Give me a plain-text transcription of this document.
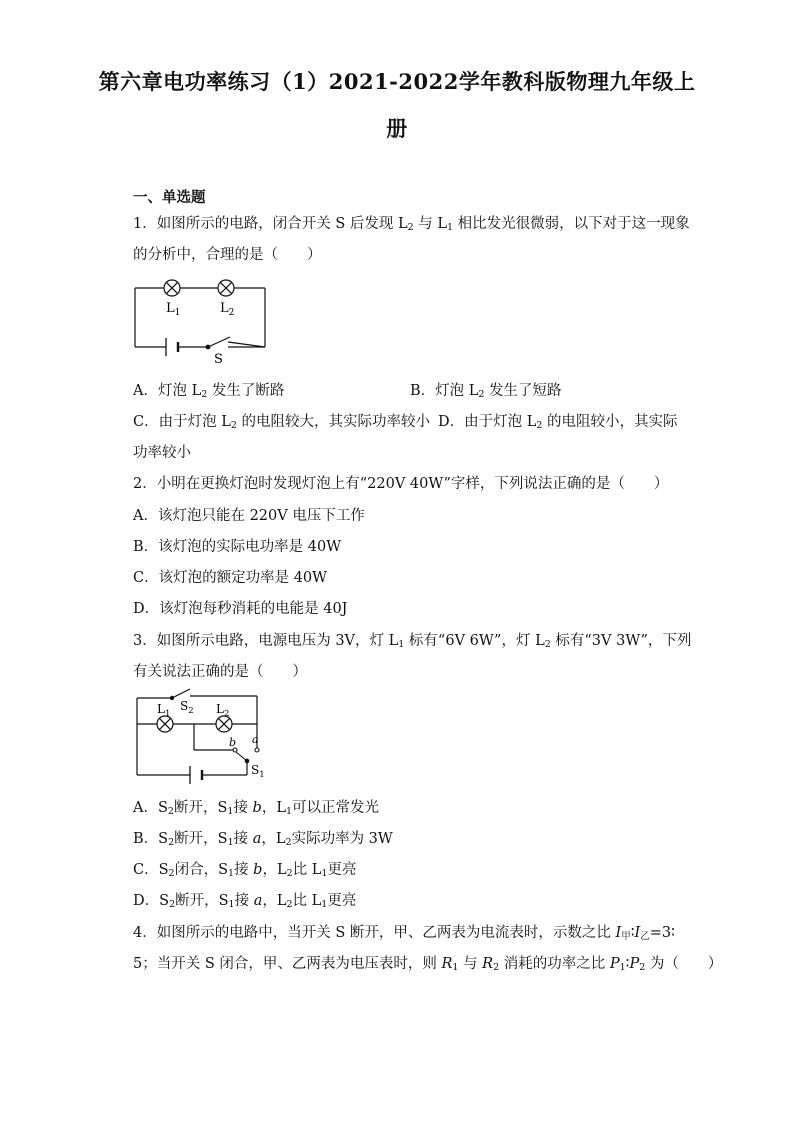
第六章电功率练习（1）2021-2022学年教科版物理九年级上
册
一、单选题
1．如图所示的电路，闭合开关 S 后发现 $L_2$ 与 $L_1$ 相比发光很微弱，以下对于这一现象
的分析中，合理的是（　　）
$L_1$	$L_2$
S
A．灯泡 $L_2$ 发生了断路	B．灯泡 $L_2$ 发生了短路
C．由于灯泡 $L_2$ 的电阻较大，其实际功率较小 D．由于灯泡 $L_2$ 的电阻较小，其实际
功率较小
2．小明在更换灯泡时发现灯泡上有“220V 40W”字样，下列说法正确的是（　　）
A．该灯泡只能在 220V 电压下工作
B．该灯泡的实际电功率是 40W
C．该灯泡的额定功率是 40W
D．该灯泡每秒消耗的电能是 40J
3．如图所示电路，电源电压为 3V，灯 $L_1$ 标有“6V 6W”，灯 $L_2$ 标有“3V 3W”，下列
有关说法正确的是（　　）
$L_1$
$S_2$ $L_2$
b a
$S_1$
A．$S_2$断开，$S_1$接 b，$L_1$可以正常发光
B．$S_2$断开，$S_1$接 a，$L_2$实际功率为 3W
C．$S_2$闭合，$S_1$接 b，$L_2$比 $L_1$更亮
D．$S_2$断开，$S_1$接 a，$L_2$比 $L_1$更亮
4．如图所示的电路中，当开关 S 断开，甲、乙两表为电流表时，示数之比 $I_甲∶I_乙=3∶$
5；当开关 S 闭合，甲、乙两表为电压表时，则 $R_1$ 与 $R_2$ 消耗的功率之比 $P_1∶P_2$ 为（　　）
